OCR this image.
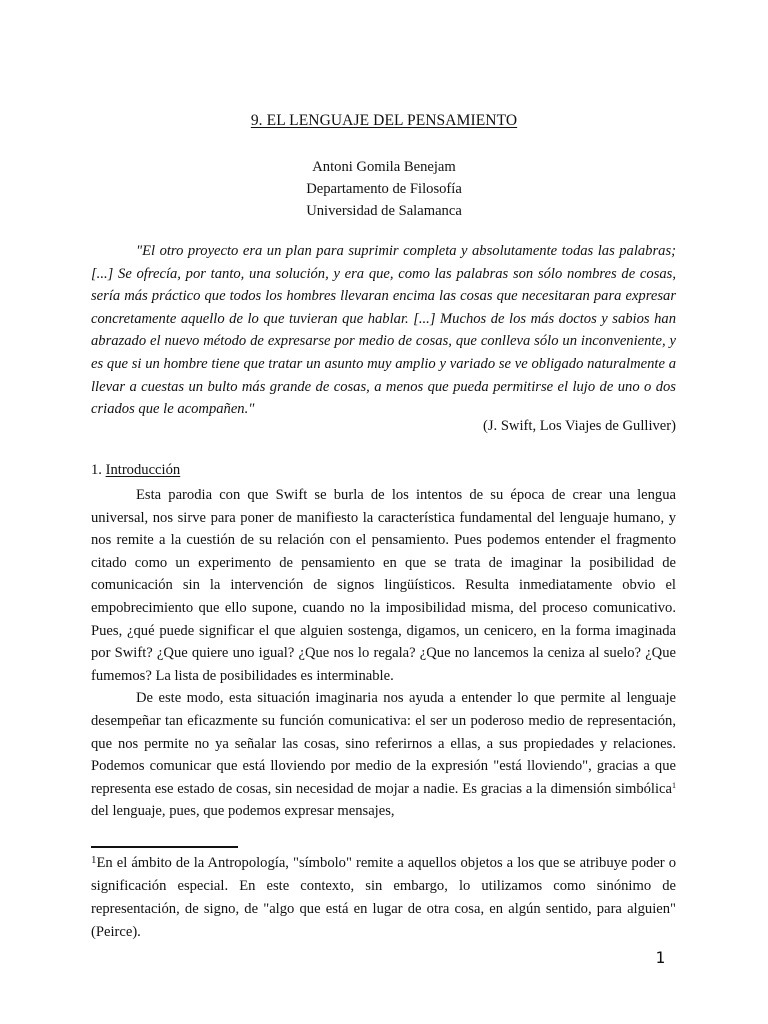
9. EL LENGUAJE DEL PENSAMIENTO
Antoni Gomila Benejam
Departamento de Filosofía
Universidad de Salamanca
"El otro proyecto era un plan para suprimir completa y absolutamente todas las palabras; [...] Se ofrecía, por tanto, una solución, y era que, como las palabras son sólo nombres de cosas, sería más práctico que todos los hombres llevaran encima las cosas que necesitaran para expresar concretamente aquello de lo que tuvieran que hablar. [...] Muchos de los más doctos y sabios han abrazado el nuevo método de expresarse por medio de cosas, que conlleva sólo un inconveniente, y es que si un hombre tiene que tratar un asunto muy amplio y variado se ve obligado naturalmente a llevar a cuestas un bulto más grande de cosas, a menos que pueda permitirse el lujo de uno o dos criados que le acompañen."
(J. Swift, Los Viajes de Gulliver)
1. Introducción
Esta parodia con que Swift se burla de los intentos de su época de crear una lengua universal, nos sirve para poner de manifiesto la característica fundamental del lenguaje humano, y nos remite a la cuestión de su relación con el pensamiento. Pues podemos entender el fragmento citado como un experimento de pensamiento en que se trata de imaginar la posibilidad de comunicación sin la intervención de signos lingüísticos. Resulta inmediatamente obvio el empobrecimiento que ello supone, cuando no la imposibilidad misma, del proceso comunicativo. Pues, ¿qué puede significar el que alguien sostenga, digamos, un cenicero, en la forma imaginada por Swift? ¿Que quiere uno igual? ¿Que nos lo regala? ¿Que no lancemos la ceniza al suelo? ¿Que fumemos? La lista de posibilidades es interminable.
De este modo, esta situación imaginaria nos ayuda a entender lo que permite al lenguaje desempeñar tan eficazmente su función comunicativa: el ser un poderoso medio de representación, que nos permite no ya señalar las cosas, sino referirnos a ellas, a sus propiedades y relaciones. Podemos comunicar que está lloviendo por medio de la expresión "está lloviendo", gracias a que representa ese estado de cosas, sin necesidad de mojar a nadie. Es gracias a la dimensión simbólica$^1$ del lenguaje, pues, que podemos expresar mensajes,
$^1$En el ámbito de la Antropología, "símbolo" remite a aquellos objetos a los que se atribuye poder o significación especial. En este contexto, sin embargo, lo utilizamos como sinónimo de representación, de signo, de "algo que está en lugar de otra cosa, en algún sentido, para alguien" (Peirce).
1
